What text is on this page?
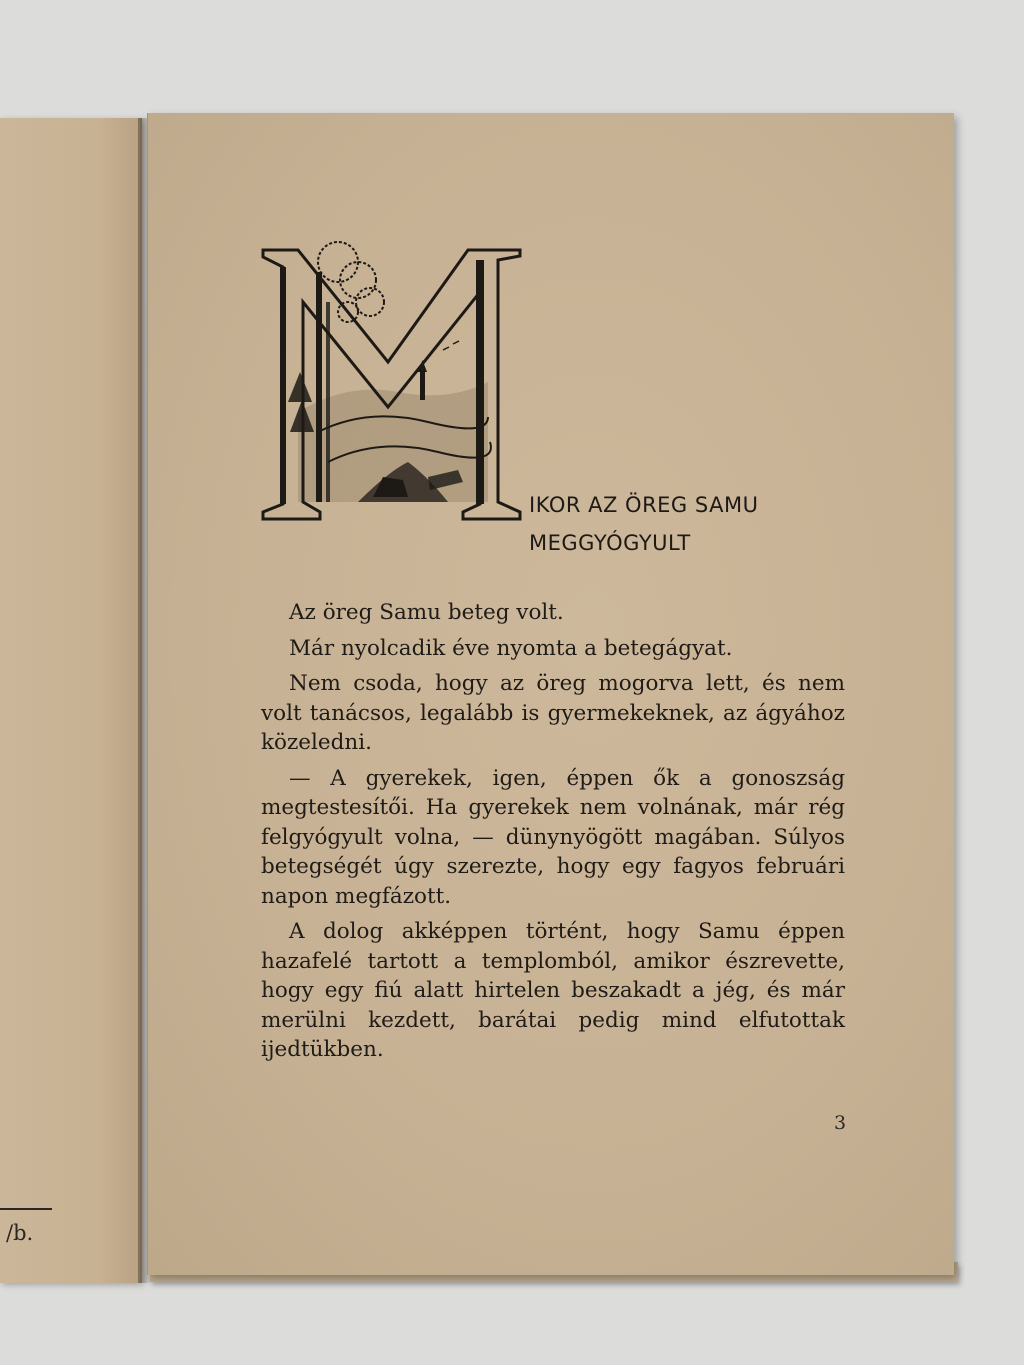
/b.
IKOR AZ ÖREG SAMU
MEGGYÓGYULT

Az öreg Samu beteg volt.

Már nyolcadik éve nyomta a betegágyat.

Nem csoda, hogy az öreg mogorva lett, és nem volt tanácsos, legalább is gyermekeknek, az ágyához közeledni.

— A gyerekek, igen, éppen ők a gonoszság megtestesítői. Ha gyerekek nem volnának, már rég felgyógyult volna, — dünynyögött magában. Súlyos betegségét úgy szerezte, hogy egy fagyos februári napon megfázott.

A dolog akképpen történt, hogy Samu éppen hazafelé tartott a templomból, amikor észrevette, hogy egy fiú alatt hirtelen beszakadt a jég, és már merülni kezdett, barátai pedig mind elfutottak ijedtükben.

3
